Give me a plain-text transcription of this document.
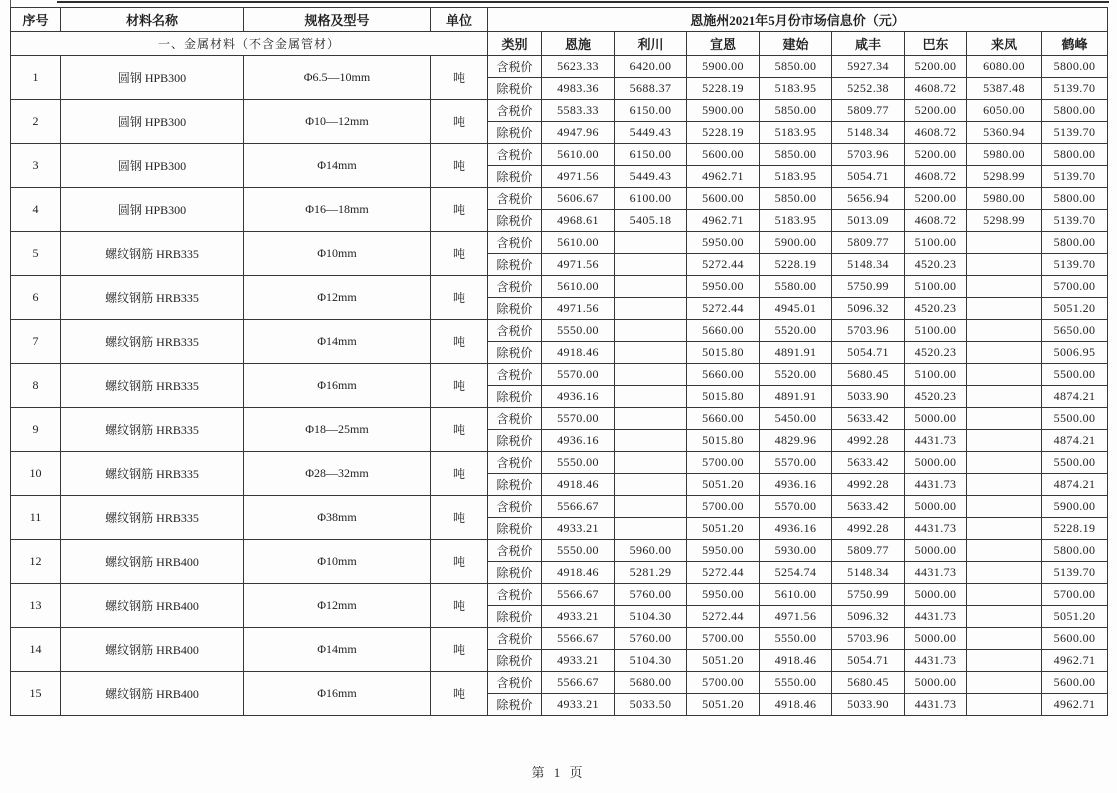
序号	材料名称	规格及型号	单位	恩施州2021年5月份市场信息价（元）								
一、金属材料（不含金属管材）				类别	恩施	利川	宣恩	建始	咸丰	巴东	来凤	鹤峰
1	圆钢 HPB300	Φ6.5—10mm	吨	含税价	5623.33	6420.00	5900.00	5850.00	5927.34	5200.00	6080.00	5800.00
				除税价	4983.36	5688.37	5228.19	5183.95	5252.38	4608.72	5387.48	5139.70
2	圆钢 HPB300	Φ10—12mm	吨	含税价	5583.33	6150.00	5900.00	5850.00	5809.77	5200.00	6050.00	5800.00
				除税价	4947.96	5449.43	5228.19	5183.95	5148.34	4608.72	5360.94	5139.70
3	圆钢 HPB300	Φ14mm	吨	含税价	5610.00	6150.00	5600.00	5850.00	5703.96	5200.00	5980.00	5800.00
				除税价	4971.56	5449.43	4962.71	5183.95	5054.71	4608.72	5298.99	5139.70
4	圆钢 HPB300	Φ16—18mm	吨	含税价	5606.67	6100.00	5600.00	5850.00	5656.94	5200.00	5980.00	5800.00
				除税价	4968.61	5405.18	4962.71	5183.95	5013.09	4608.72	5298.99	5139.70
5	螺纹钢筋 HRB335	Φ10mm	吨	含税价	5610.00		5950.00	5900.00	5809.77	5100.00		5800.00
				除税价	4971.56		5272.44	5228.19	5148.34	4520.23		5139.70
6	螺纹钢筋 HRB335	Φ12mm	吨	含税价	5610.00		5950.00	5580.00	5750.99	5100.00		5700.00
				除税价	4971.56		5272.44	4945.01	5096.32	4520.23		5051.20
7	螺纹钢筋 HRB335	Φ14mm	吨	含税价	5550.00		5660.00	5520.00	5703.96	5100.00		5650.00
				除税价	4918.46		5015.80	4891.91	5054.71	4520.23		5006.95
8	螺纹钢筋 HRB335	Φ16mm	吨	含税价	5570.00		5660.00	5520.00	5680.45	5100.00		5500.00
				除税价	4936.16		5015.80	4891.91	5033.90	4520.23		4874.21
9	螺纹钢筋 HRB335	Φ18—25mm	吨	含税价	5570.00		5660.00	5450.00	5633.42	5000.00		5500.00
				除税价	4936.16		5015.80	4829.96	4992.28	4431.73		4874.21
10	螺纹钢筋 HRB335	Φ28—32mm	吨	含税价	5550.00		5700.00	5570.00	5633.42	5000.00		5500.00
				除税价	4918.46		5051.20	4936.16	4992.28	4431.73		4874.21
11	螺纹钢筋 HRB335	Φ38mm	吨	含税价	5566.67		5700.00	5570.00	5633.42	5000.00		5900.00
				除税价	4933.21		5051.20	4936.16	4992.28	4431.73		5228.19
12	螺纹钢筋 HRB400	Φ10mm	吨	含税价	5550.00	5960.00	5950.00	5930.00	5809.77	5000.00		5800.00
				除税价	4918.46	5281.29	5272.44	5254.74	5148.34	4431.73		5139.70
13	螺纹钢筋 HRB400	Φ12mm	吨	含税价	5566.67	5760.00	5950.00	5610.00	5750.99	5000.00		5700.00
				除税价	4933.21	5104.30	5272.44	4971.56	5096.32	4431.73		5051.20
14	螺纹钢筋 HRB400	Φ14mm	吨	含税价	5566.67	5760.00	5700.00	5550.00	5703.96	5000.00		5600.00
				除税价	4933.21	5104.30	5051.20	4918.46	5054.71	4431.73		4962.71
15	螺纹钢筋 HRB400	Φ16mm	吨	含税价	5566.67	5680.00	5700.00	5550.00	5680.45	5000.00		5600.00
				除税价	4933.21	5033.50	5051.20	4918.46	5033.90	4431.73		4962.71
第 1 页
